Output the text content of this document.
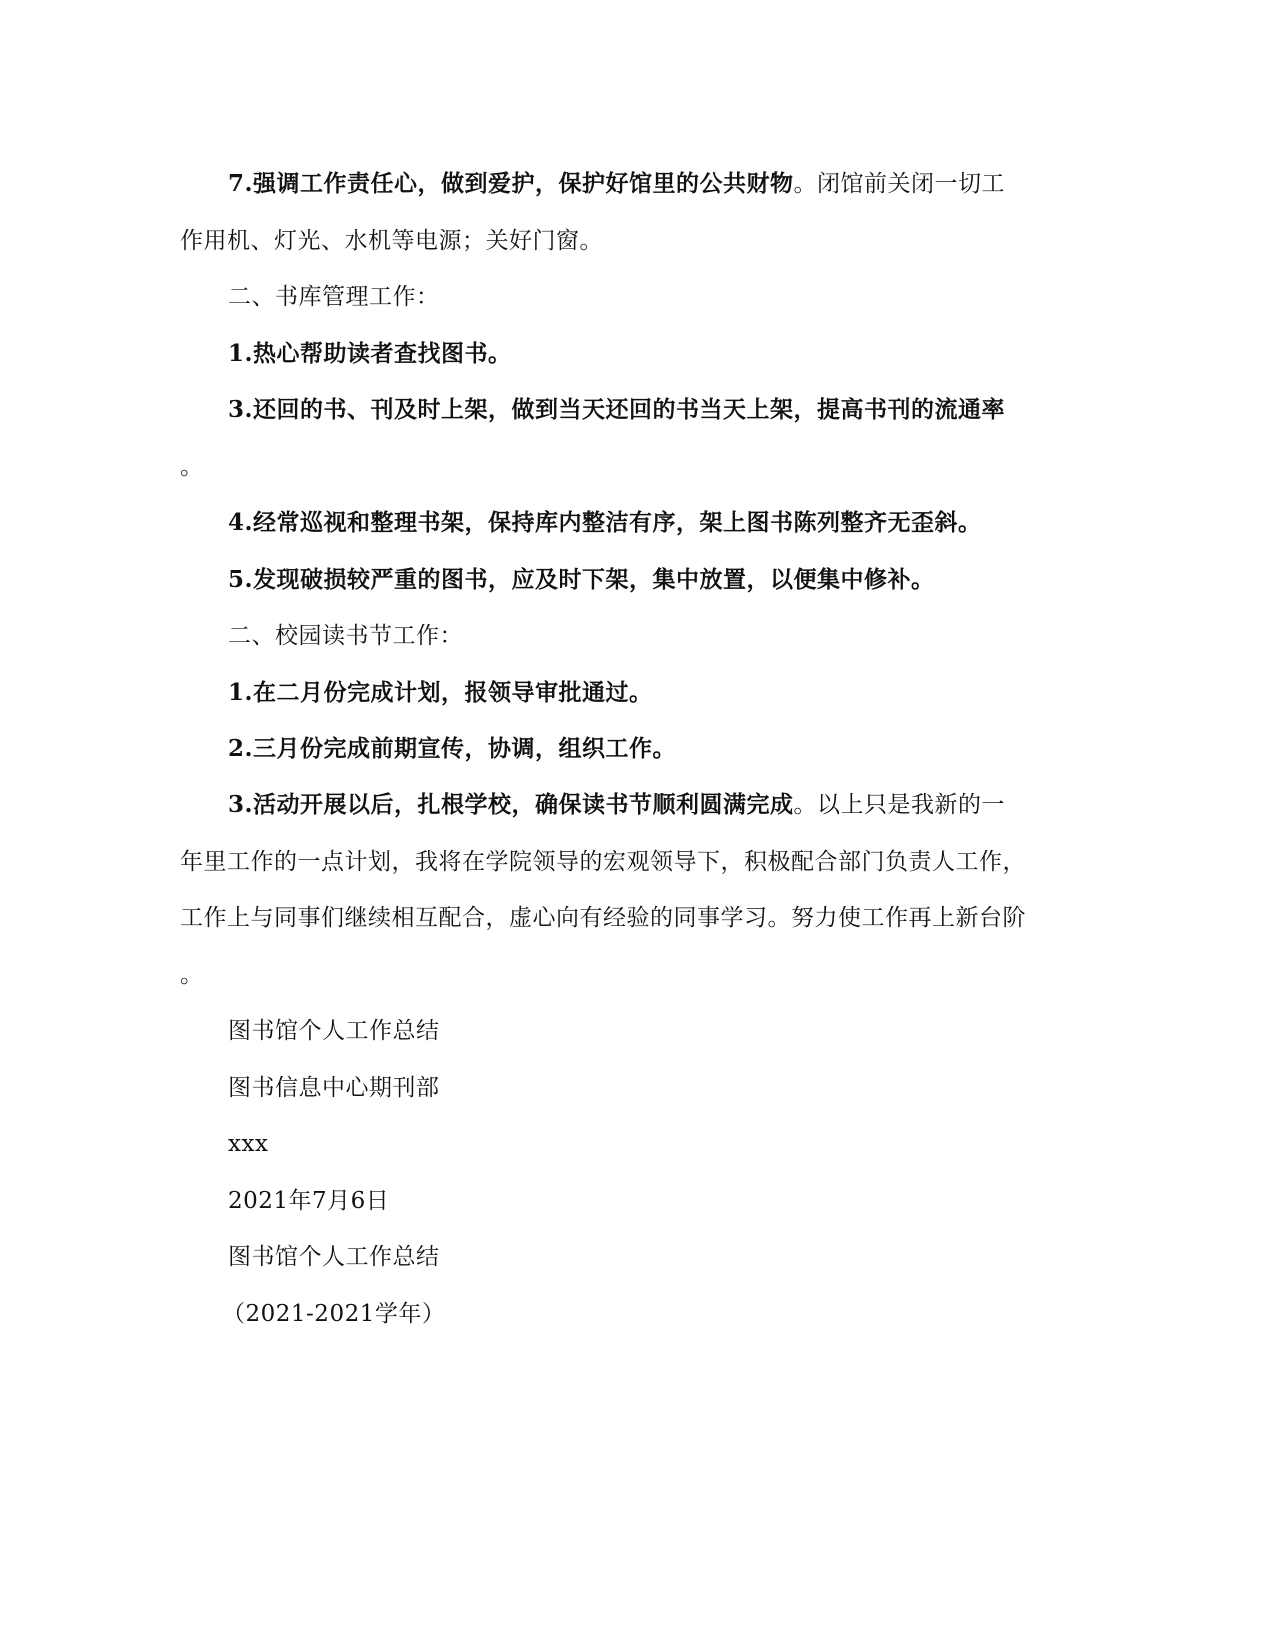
7.强调工作责任心，做到爱护，保护好馆里的公共财物。闭馆前关闭一切工
作用机、灯光、水机等电源；关好门窗。
二、书库管理工作：
1.热心帮助读者查找图书。
3.还回的书、刊及时上架，做到当天还回的书当天上架，提高书刊的流通率
。
4.经常巡视和整理书架，保持库内整洁有序，架上图书陈列整齐无歪斜。
5.发现破损较严重的图书，应及时下架，集中放置，以便集中修补。
二、校园读书节工作：
1.在二月份完成计划，报领导审批通过。
2.三月份完成前期宣传，协调，组织工作。
3.活动开展以后，扎根学校，确保读书节顺利圆满完成。以上只是我新的一
年里工作的一点计划，我将在学院领导的宏观领导下，积极配合部门负责人工作，
工作上与同事们继续相互配合，虚心向有经验的同事学习。努力使工作再上新台阶
。
图书馆个人工作总结
图书信息中心期刊部
xxx
2021年7月6日
图书馆个人工作总结
（2021-2021学年）
